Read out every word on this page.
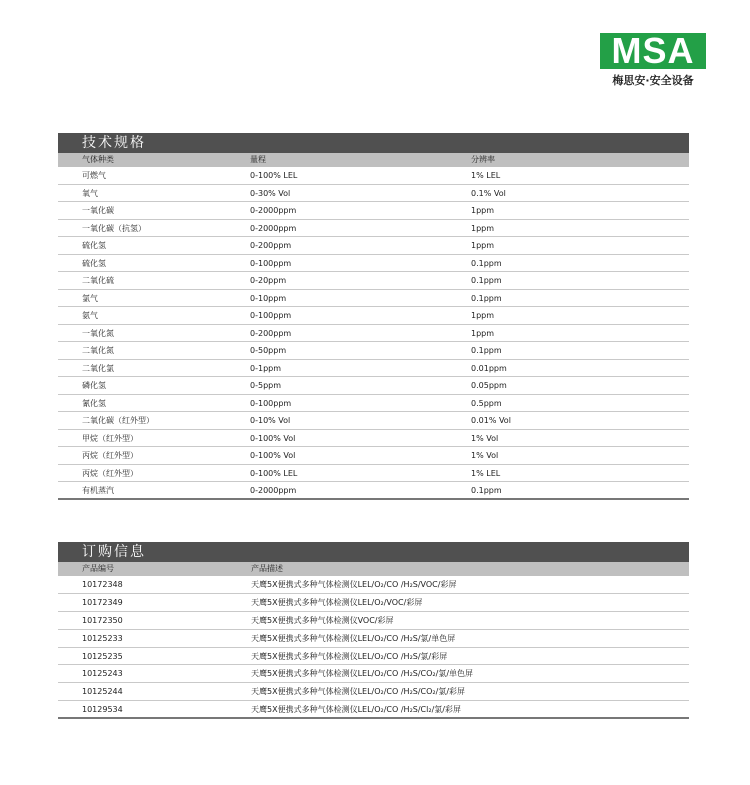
MSA
梅思安·安全设备
技术规格
气体种类	量程	分辨率
可燃气	0-100% LEL	1% LEL
氧气	0-30% Vol	0.1% Vol
一氧化碳	0-2000ppm	1ppm
一氧化碳（抗氢）	0-2000ppm	1ppm
硫化氢	0-200ppm	1ppm
硫化氢	0-100ppm	0.1ppm
二氧化硫	0-20ppm	0.1ppm
氯气	0-10ppm	0.1ppm
氨气	0-100ppm	1ppm
一氧化氮	0-200ppm	1ppm
二氧化氮	0-50ppm	0.1ppm
二氧化氯	0-1ppm	0.01ppm
磷化氢	0-5ppm	0.05ppm
氰化氢	0-100ppm	0.5ppm
二氧化碳（红外型）	0-10% Vol	0.01% Vol
甲烷（红外型）	0-100% Vol	1% Vol
丙烷（红外型）	0-100% Vol	1% Vol
丙烷（红外型）	0-100% LEL	1% LEL
有机蒸汽	0-2000ppm	0.1ppm
订购信息
产品编号	产品描述
10172348	天鹰5X便携式多种气体检测仪LEL/O₂/CO /H₂S/VOC/彩屏
10172349	天鹰5X便携式多种气体检测仪LEL/O₂/VOC/彩屏
10172350	天鹰5X便携式多种气体检测仪VOC/彩屏
10125233	天鹰5X便携式多种气体检测仪LEL/O₂/CO /H₂S/氯/单色屏
10125235	天鹰5X便携式多种气体检测仪LEL/O₂/CO /H₂S/氯/彩屏
10125243	天鹰5X便携式多种气体检测仪LEL/O₂/CO /H₂S/CO₂/氯/单色屏
10125244	天鹰5X便携式多种气体检测仪LEL/O₂/CO /H₂S/CO₂/氯/彩屏
10129534	天鹰5X便携式多种气体检测仪LEL/O₂/CO /H₂S/Cl₂/氯/彩屏
